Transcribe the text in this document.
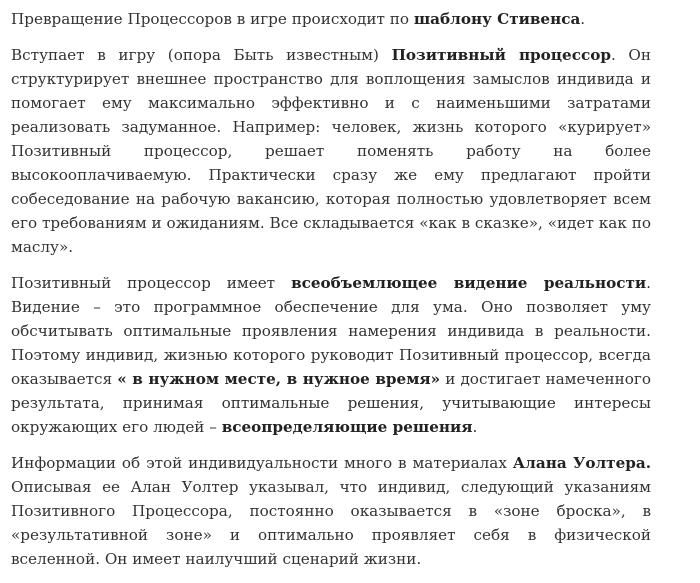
Превращение Процессоров в игре происходит по шаблону Стивенса.

Вступает в игру (опора Быть известным) Позитивный процессор. Он структурирует внешнее пространство для воплощения замыслов индивида и помогает ему максимально эффективно и с наименьшими затратами реализовать задуманное. Например: человек, жизнь которого «курирует» Позитивный процессор, решает поменять работу на более высокооплачиваемую. Практически сразу же ему предлагают пройти собеседование на рабочую вакансию, которая полностью удовлетворяет всем его требованиям и ожиданиям. Все складывается «как в сказке», «идет как по маслу».

Позитивный процессор имеет всеобъемлющее видение реальности. Видение – это программное обеспечение для ума. Оно позволяет уму обсчитывать оптимальные проявления намерения индивида в реальности. Поэтому индивид, жизнью которого руководит Позитивный процессор, всегда оказывается « в нужном месте, в нужное время» и достигает намеченного результата, принимая оптимальные решения, учитывающие интересы окружающих его людей – всеопределяющие решения.

Информации об этой индивидуальности много в материалах Алана Уолтера. Описывая ее Алан Уолтер указывал, что индивид, следующий указаниям Позитивного Процессора, постоянно оказывается в «зоне броска», в «результативной зоне» и оптимально проявляет себя в физической вселенной. Он имеет наилучший сценарий жизни.
